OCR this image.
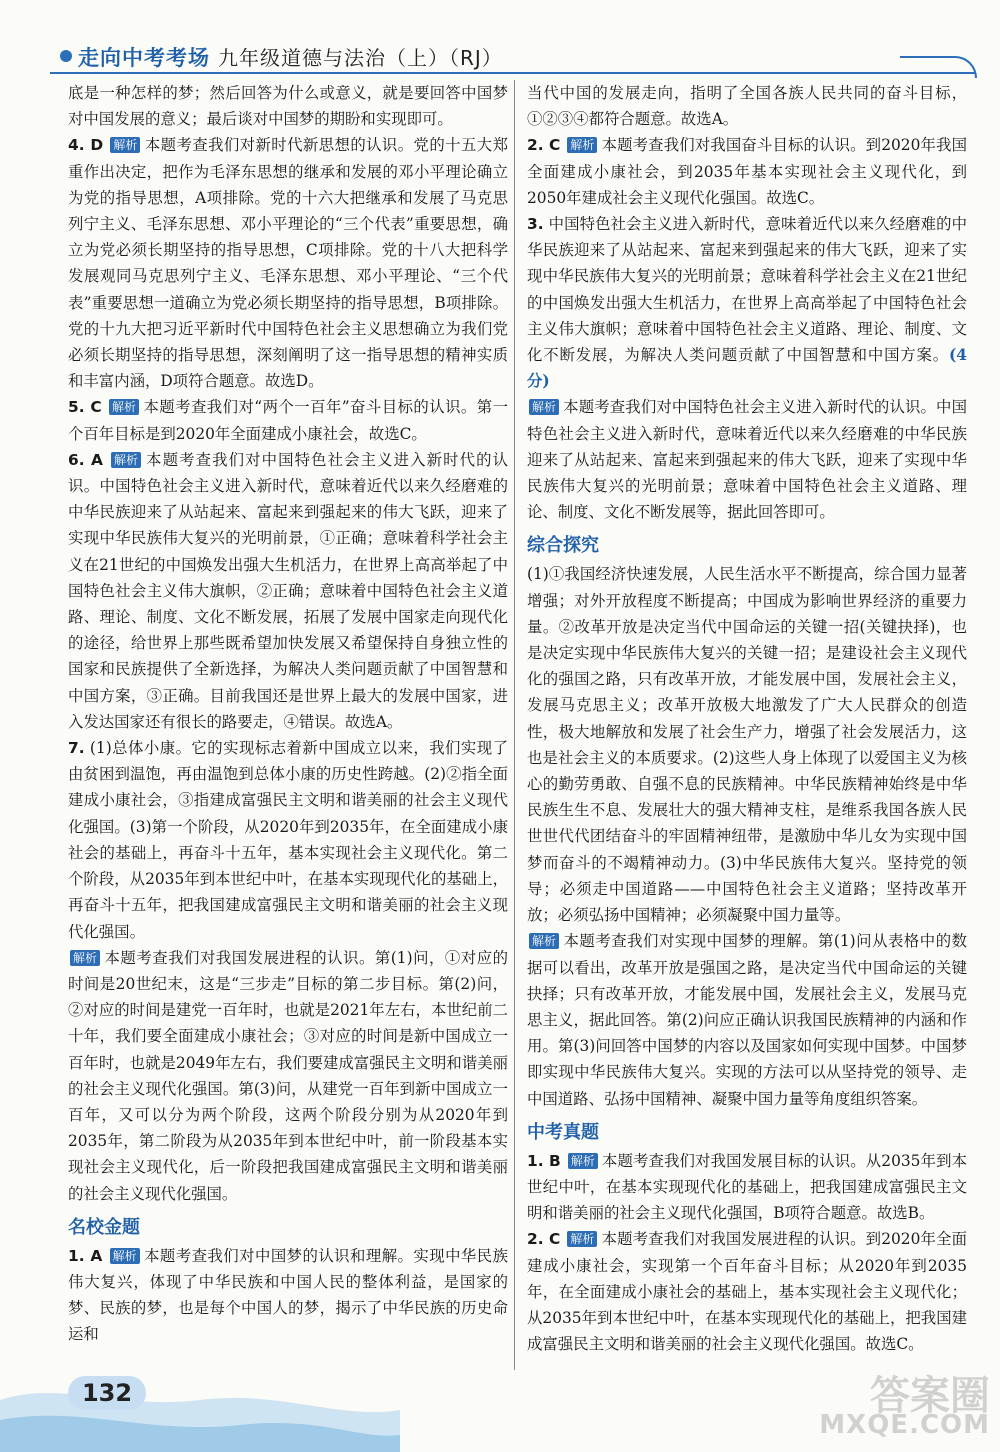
走向中考考场 九年级道德与法治（上）（RJ）

底是一种怎样的梦；然后回答为什么或意义，就是要回答中国梦对中国发展的意义；最后谈对中国梦的期盼和实现即可。

4. D 解析 本题考查我们对新时代新思想的认识。党的十五大郑重作出决定，把作为毛泽东思想的继承和发展的邓小平理论确立为党的指导思想，A项排除。党的十六大把继承和发展了马克思列宁主义、毛泽东思想、邓小平理论的“三个代表”重要思想，确立为党必须长期坚持的指导思想，C项排除。党的十八大把科学发展观同马克思列宁主义、毛泽东思想、邓小平理论、“三个代表”重要思想一道确立为党必须长期坚持的指导思想，B项排除。党的十九大把习近平新时代中国特色社会主义思想确立为我们党必须长期坚持的指导思想，深刻阐明了这一指导思想的精神实质和丰富内涵，D项符合题意。故选D。

5. C 解析 本题考查我们对“两个一百年”奋斗目标的认识。第一个百年目标是到2020年全面建成小康社会，故选C。

6. A 解析 本题考查我们对中国特色社会主义进入新时代的认识。中国特色社会主义进入新时代，意味着近代以来久经磨难的中华民族迎来了从站起来、富起来到强起来的伟大飞跃，迎来了实现中华民族伟大复兴的光明前景，①正确；意味着科学社会主义在21世纪的中国焕发出强大生机活力，在世界上高高举起了中国特色社会主义伟大旗帜，②正确；意味着中国特色社会主义道路、理论、制度、文化不断发展，拓展了发展中国家走向现代化的途径，给世界上那些既希望加快发展又希望保持自身独立性的国家和民族提供了全新选择，为解决人类问题贡献了中国智慧和中国方案，③正确。目前我国还是世界上最大的发展中国家，进入发达国家还有很长的路要走，④错误。故选A。

7. (1)总体小康。它的实现标志着新中国成立以来，我们实现了由贫困到温饱，再由温饱到总体小康的历史性跨越。(2)②指全面建成小康社会，③指建成富强民主文明和谐美丽的社会主义现代化强国。(3)第一个阶段，从2020年到2035年，在全面建成小康社会的基础上，再奋斗十五年，基本实现社会主义现代化。第二个阶段，从2035年到本世纪中叶，在基本实现现代化的基础上，再奋斗十五年，把我国建成富强民主文明和谐美丽的社会主义现代化强国。

解析 本题考查我们对我国发展进程的认识。第(1)问，①对应的时间是20世纪末，这是“三步走”目标的第二步目标。第(2)问，②对应的时间是建党一百年时，也就是2021年左右，本世纪前二十年，我们要全面建成小康社会；③对应的时间是新中国成立一百年时，也就是2049年左右，我们要建成富强民主文明和谐美丽的社会主义现代化强国。第(3)问，从建党一百年到新中国成立一百年，又可以分为两个阶段，这两个阶段分别为从2020年到2035年，第二阶段为从2035年到本世纪中叶，前一阶段基本实现社会主义现代化，后一阶段把我国建成富强民主文明和谐美丽的社会主义现代化强国。

名校金题

1. A 解析 本题考查我们对中国梦的认识和理解。实现中华民族伟大复兴，体现了中华民族和中国人民的整体利益，是国家的梦、民族的梦，也是每个中国人的梦，揭示了中华民族的历史命运和

当代中国的发展走向，指明了全国各族人民共同的奋斗目标，①②③④都符合题意。故选A。

2. C 解析 本题考查我们对我国奋斗目标的认识。到2020年我国全面建成小康社会，到2035年基本实现社会主义现代化，到2050年建成社会主义现代化强国。故选C。

3. 中国特色社会主义进入新时代，意味着近代以来久经磨难的中华民族迎来了从站起来、富起来到强起来的伟大飞跃，迎来了实现中华民族伟大复兴的光明前景；意味着科学社会主义在21世纪的中国焕发出强大生机活力，在世界上高高举起了中国特色社会主义伟大旗帜；意味着中国特色社会主义道路、理论、制度、文化不断发展，为解决人类问题贡献了中国智慧和中国方案。(4分)

解析 本题考查我们对中国特色社会主义进入新时代的认识。中国特色社会主义进入新时代，意味着近代以来久经磨难的中华民族迎来了从站起来、富起来到强起来的伟大飞跃，迎来了实现中华民族伟大复兴的光明前景；意味着中国特色社会主义道路、理论、制度、文化不断发展等，据此回答即可。

综合探究

(1)①我国经济快速发展，人民生活水平不断提高，综合国力显著增强；对外开放程度不断提高；中国成为影响世界经济的重要力量。②改革开放是决定当代中国命运的关键一招(关键抉择)，也是决定实现中华民族伟大复兴的关键一招；是建设社会主义现代化的强国之路，只有改革开放，才能发展中国，发展社会主义，发展马克思主义；改革开放极大地激发了广大人民群众的创造性，极大地解放和发展了社会生产力，增强了社会发展活力，这也是社会主义的本质要求。(2)这些人身上体现了以爱国主义为核心的勤劳勇敢、自强不息的民族精神。中华民族精神始终是中华民族生生不息、发展壮大的强大精神支柱，是维系我国各族人民世世代代团结奋斗的牢固精神纽带，是激励中华儿女为实现中国梦而奋斗的不竭精神动力。(3)中华民族伟大复兴。坚持党的领导；必须走中国道路——中国特色社会主义道路；坚持改革开放；必须弘扬中国精神；必须凝聚中国力量等。

解析 本题考查我们对实现中国梦的理解。第(1)问从表格中的数据可以看出，改革开放是强国之路，是决定当代中国命运的关键抉择；只有改革开放，才能发展中国，发展社会主义，发展马克思主义，据此回答。第(2)问应正确认识我国民族精神的内涵和作用。第(3)问回答中国梦的内容以及国家如何实现中国梦。中国梦即实现中华民族伟大复兴。实现的方法可以从坚持党的领导、走中国道路、弘扬中国精神、凝聚中国力量等角度组织答案。

中考真题

1. B 解析 本题考查我们对我国发展目标的认识。从2035年到本世纪中叶，在基本实现现代化的基础上，把我国建成富强民主文明和谐美丽的社会主义现代化强国，B项符合题意。故选B。

2. C 解析 本题考查我们对我国发展进程的认识。到2020年全面建成小康社会，实现第一个百年奋斗目标；从2020年到2035年，在全面建成小康社会的基础上，基本实现社会主义现代化；从2035年到本世纪中叶，在基本实现现代化的基础上，把我国建成富强民主文明和谐美丽的社会主义现代化强国。故选C。

132	答案圈
MXQE.COM
